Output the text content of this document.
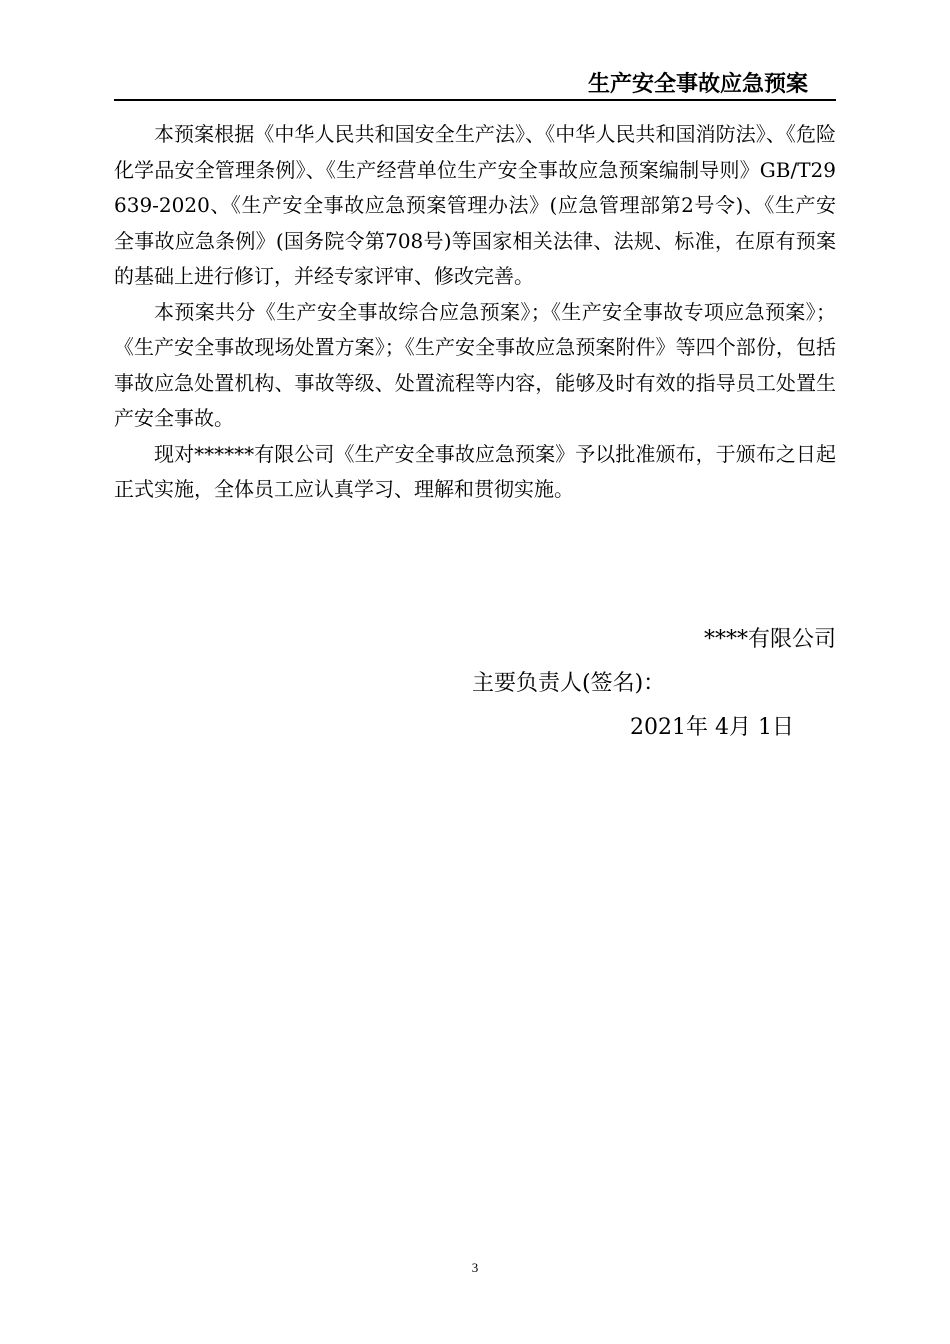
生产安全事故应急预案

本预案根据《中华人民共和国安全生产法》、《中华人民共和国消防法》、《危险化学品安全管理条例》、《生产经营单位生产安全事故应急预案编制导则》GB/T29639-2020、《生产安全事故应急预案管理办法》(应急管理部第2号令)、《生产安全事故应急条例》(国务院令第708号)等国家相关法律、法规、标准，在原有预案的基础上进行修订，并经专家评审、修改完善。

本预案共分《生产安全事故综合应急预案》；《生产安全事故专项应急预案》；《生产安全事故现场处置方案》；《生产安全事故应急预案附件》等四个部份，包括事故应急处置机构、事故等级、处置流程等内容，能够及时有效的指导员工处置生产安全事故。

现对******有限公司《生产安全事故应急预案》予以批准颁布，于颁布之日起正式实施，全体员工应认真学习、理解和贯彻实施。

****有限公司
主要负责人(签名)：
2021年 4月 1日
3
